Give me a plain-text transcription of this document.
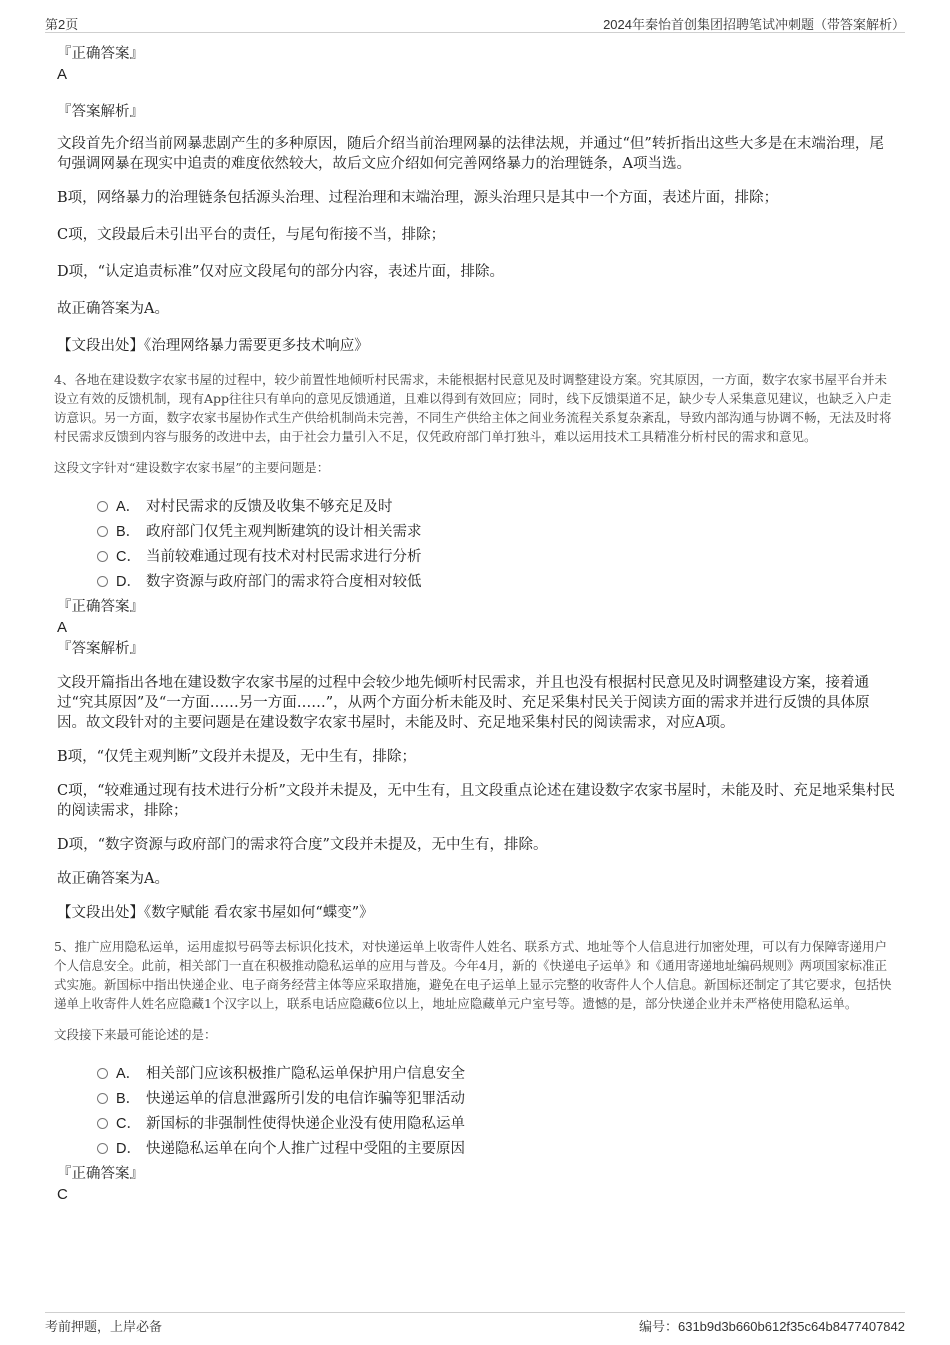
第2页	2024年秦怡首创集团招聘笔试冲刺题（带答案解析）

『正确答案』

A

『答案解析』

文段首先介绍当前网暴悲剧产生的多种原因，随后介绍当前治理网暴的法律法规，并通过“但”转折指出这些大多是在末端治理，尾句强调网暴在现实中追责的难度依然较大，故后文应介绍如何完善网络暴力的治理链条，A项当选。

B项，网络暴力的治理链条包括源头治理、过程治理和末端治理，源头治理只是其中一个方面，表述片面，排除；

C项，文段最后未引出平台的责任，与尾句衔接不当，排除；

D项，“认定追责标准”仅对应文段尾句的部分内容，表述片面，排除。

故正确答案为A。

【文段出处】《治理网络暴力需要更多技术响应》

4、各地在建设数字农家书屋的过程中，较少前置性地倾听村民需求，未能根据村民意见及时调整建设方案。究其原因，一方面，数字农家书屋平台并未设立有效的反馈机制，现有App往往只有单向的意见反馈通道，且难以得到有效回应；同时，线下反馈渠道不足，缺少专人采集意见建议，也缺乏入户走访意识。另一方面，数字农家书屋协作式生产供给机制尚未完善，不同生产供给主体之间业务流程关系复杂紊乱，导致内部沟通与协调不畅，无法及时将村民需求反馈到内容与服务的改进中去，由于社会力量引入不足，仅凭政府部门单打独斗，难以运用技术工具精准分析村民的需求和意见。

这段文字针对“建设数字农家书屋”的主要问题是：

A． 对村民需求的反馈及收集不够充足及时
B． 政府部门仅凭主观判断建筑的设计相关需求
C． 当前较难通过现有技术对村民需求进行分析
D． 数字资源与政府部门的需求符合度相对较低

『正确答案』

A

『答案解析』

文段开篇指出各地在建设数字农家书屋的过程中会较少地先倾听村民需求，并且也没有根据村民意见及时调整建设方案，接着通过“究其原因”及“一方面……另一方面……”，从两个方面分析未能及时、充足采集村民关于阅读方面的需求并进行反馈的具体原因。故文段针对的主要问题是在建设数字农家书屋时，未能及时、充足地采集村民的阅读需求，对应A项。

B项，“仅凭主观判断”文段并未提及，无中生有，排除；

C项，“较难通过现有技术进行分析”文段并未提及，无中生有，且文段重点论述在建设数字农家书屋时，未能及时、充足地采集村民的阅读需求，排除；

D项，“数字资源与政府部门的需求符合度”文段并未提及，无中生有，排除。

故正确答案为A。

【文段出处】《数字赋能 看农家书屋如何“蝶变”》

5、推广应用隐私运单，运用虚拟号码等去标识化技术，对快递运单上收寄件人姓名、联系方式、地址等个人信息进行加密处理，可以有力保障寄递用户个人信息安全。此前，相关部门一直在积极推动隐私运单的应用与普及。今年4月，新的《快递电子运单》和《通用寄递地址编码规则》两项国家标准正式实施。新国标中指出快递企业、电子商务经营主体等应采取措施，避免在电子运单上显示完整的收寄件人个人信息。新国标还制定了其它要求，包括快递单上收寄件人姓名应隐藏1个汉字以上，联系电话应隐藏6位以上，地址应隐藏单元户室号等。遗憾的是，部分快递企业并未严格使用隐私运单。

文段接下来最可能论述的是：

A． 相关部门应该积极推广隐私运单保护用户信息安全
B． 快递运单的信息泄露所引发的电信诈骗等犯罪活动
C． 新国标的非强制性使得快递企业没有使用隐私运单
D． 快递隐私运单在向个人推广过程中受阻的主要原因

『正确答案』

C

考前押题，上岸必备	编号：631b9d3b660b612f35c64b8477407842
